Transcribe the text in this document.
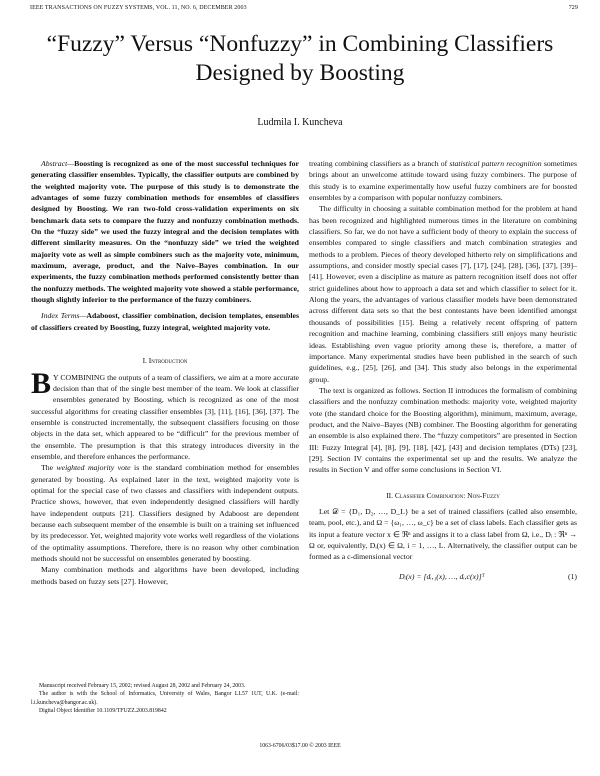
IEEE TRANSACTIONS ON FUZZY SYSTEMS, VOL. 11, NO. 6, DECEMBER 2003	729
“Fuzzy” Versus “Nonfuzzy” in Combining Classifiers Designed by Boosting
Ludmila I. Kuncheva

Abstract—Boosting is recognized as one of the most successful techniques for generating classifier ensembles. Typically, the classifier outputs are combined by the weighted majority vote. The purpose of this study is to demonstrate the advantages of some fuzzy combination methods for ensembles of classifiers designed by Boosting. We ran two-fold cross-validation experiments on six benchmark data sets to compare the fuzzy and nonfuzzy combination methods. On the “fuzzy side” we used the fuzzy integral and the decision templates with different similarity measures. On the “nonfuzzy side” we tried the weighted majority vote as well as simple combiners such as the majority vote, minimum, maximum, average, product, and the Naive–Bayes combination. In our experiments, the fuzzy combination methods performed consistently better than the nonfuzzy methods. The weighted majority vote showed a stable performance, though slightly inferior to the performance of the fuzzy combiners.

Index Terms—Adaboost, classifier combination, decision templates, ensembles of classifiers created by Boosting, fuzzy integral, weighted majority vote.

I. Introduction

B Y COMBINING the outputs of a team of classifiers, we aim at a more accurate decision than that of the single best member of the team. We look at classifier ensembles generated by Boosting, which is recognized as one of the most successful algorithms for creating classifier ensembles [3], [11], [16], [36], [37]. The ensemble is constructed incrementally, the subsequent classifiers focusing on those objects in the data set, which appeared to be “difficult” for the previous member of the ensemble. The presumption is that this strategy introduces diversity in the ensemble, and therefore enhances the performance.

The weighted majority vote is the standard combination method for ensembles generated by boosting. As explained later in the text, weighted majority vote is optimal for the special case of two classes and classifiers with independent outputs. Practice shows, however, that even independently designed classifiers will hardly have independent outputs [21]. Classifiers designed by Adaboost are dependent because each subsequent member of the ensemble is built on a training set influenced by its predecessor. Yet, weighted majority vote works well regardless of the violations of the optimality assumptions. Therefore, there is no reason why other combination methods should not be successful on ensembles generated by boosting.

Many combination methods and algorithms have been developed, including methods based on fuzzy sets [27]. However,

Manuscript received February 15, 2002; revised August 28, 2002 and February 24, 2003.

The author is with the School of Informatics, University of Wales, Bangor LL57 1UT, U.K. (e-mail: l.i.kuncheva@bangor.ac.uk).

Digital Object Identifier 10.1109/TFUZZ.2003.819842

treating combining classifiers as a branch of statistical pattern recognition sometimes brings about an unwelcome attitude toward using fuzzy combiners. The purpose of this study is to examine experimentally how useful fuzzy combiners are for boosted ensembles by a comparison with popular nonfuzzy combiners.

The difficulty in choosing a suitable combination method for the problem at hand has been recognized and highlighted numerous times in the literature on combining classifiers. So far, we do not have a sufficient body of theory to explain the success of ensembles compared to single classifiers and match combination strategies and methods to a problem. Pieces of theory developed hitherto rely on simplifications and assumptions, and consider mostly special cases [7], [17], [24], [28], [36], [37], [39]–[41]. However, even a discipline as mature as pattern recognition itself does not offer strict guidelines about how to approach a data set and which classifier to select for it. Along the years, the advantages of various classifier models have been demonstrated across different data sets so that the best contestants have been identified amongst thousands of possibilities [15]. Being a relatively recent offspring of pattern recognition and machine learning, combining classifiers still enjoys many heuristic ideas. Establishing even vague priority among these is, therefore, a matter of importance. Many experimental studies have been published in the search of such guidelines, e.g., [25], [26], and [34]. This study also belongs in the experimental group.

The text is organized as follows. Section II introduces the formalism of combining classifiers and the nonfuzzy combination methods: majority vote, weighted majority vote (the standard choice for the Boosting algorithm), minimum, maximum, average, product, and the Naive–Bayes (NB) combiner. The Boosting algorithm for generating an ensemble is also explained there. The “fuzzy competitors” are presented in Section III: Fuzzy Integral [4], [8], [9], [18], [42], [43] and decision templates (DTs) [23], [29]. Section IV contains the experimental set up and the results. We analyze the results in Section V and offer some conclusions in Section VI.

II. Classifier Combination: Non-Fuzzy

Let 𝒟 = {D₁, D₂, …, D_L} be a set of trained classifiers (called also ensemble, team, pool, etc.), and Ω = {ω₁, …, ω_c} be a set of class labels. Each classifier gets as its input a feature vector x ∈ ℜⁿ and assigns it to a class label from Ω, i.e., Dᵢ : ℜⁿ → Ω or, equivalently, Dᵢ(x) ∈ Ω, i = 1, …, L. Alternatively, the classifier output can be formed as a c-dimensional vector

Dᵢ(x) = [dᵢ,₁(x), …, dᵢ,c(x)]ᵀ	(1)
1063-6706/03$17.00 © 2003 IEEE
